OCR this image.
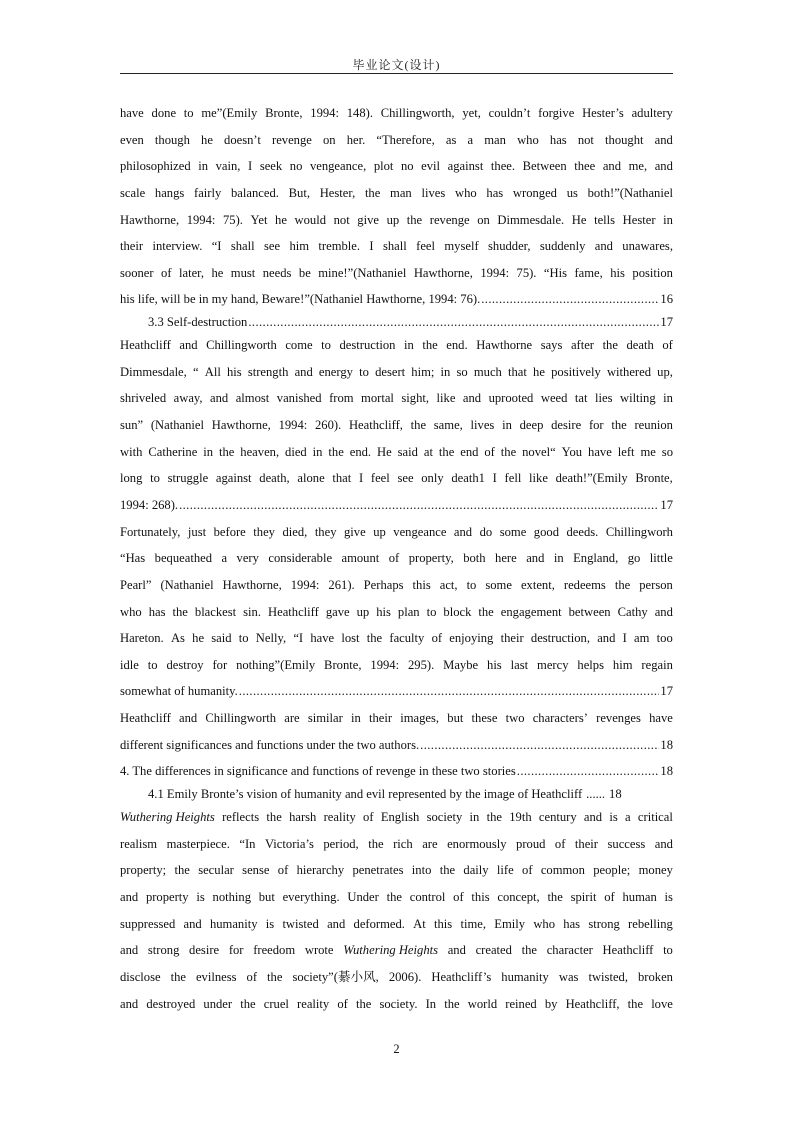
毕业论文(设计)
have done to me”(Emily Bronte, 1994: 148). Chillingworth, yet, couldn’t forgive Hester’s adultery
even though he doesn’t revenge on her. “Therefore, as a man who has not thought and
philosophized in vain, I seek no vengeance, plot no evil against thee. Between thee and me, and
scale hangs fairly balanced. But, Hester, the man lives who has wronged us both!”(Nathaniel
Hawthorne, 1994: 75). Yet he would not give up the revenge on Dimmesdale. He tells Hester in
their interview. “I shall see him tremble. I shall feel myself shudder, suddenly and unawares,
sooner of later, he must needs be mine!”(Nathaniel Hawthorne, 1994: 75). “His fame, his position
his life, will be in my hand, Beware!”(Nathaniel Hawthorne, 1994: 76). .....	16
3.3 Self-destruction .....	17
Heathcliff and Chillingworth come to destruction in the end. Hawthorne says after the death of
Dimmesdale, “ All his strength and energy to desert him; in so much that he positively withered up,
shriveled away, and almost vanished from mortal sight, like and uprooted weed tat lies wilting in
sun” (Nathaniel Hawthorne, 1994: 260). Heathcliff, the same, lives in deep desire for the reunion
with Catherine in the heaven, died in the end. He said at the end of the novel“ You have left me so
long to struggle against death, alone that I feel see only death1 I fell like death!”(Emily Bronte,
1994: 268). .....	17
Fortunately, just before they died, they give up vengeance and do some good deeds. Chillingworh
“Has bequeathed a very considerable amount of property, both here and in England, go little
Pearl” (Nathaniel Hawthorne, 1994: 261). Perhaps this act, to some extent, redeems the person
who has the blackest sin. Heathcliff gave up his plan to block the engagement between Cathy and
Hareton. As he said to Nelly, “I have lost the faculty of enjoying their destruction, and I am too
idle to destroy for nothing”(Emily Bronte, 1994: 295). Maybe his last mercy helps him regain
somewhat of humanity. .....	17
Heathcliff and Chillingworth are similar in their images, but these two characters’ revenges have
different significances and functions under the two authors. .....	18
4. The differences in significance and functions of revenge in these two stories .....	18
4.1 Emily Bronte’s vision of humanity and evil represented by the image of Heathcliff ...... 18
Wuthering Heights reflects the harsh reality of English society in the 19th century and is a critical
realism masterpiece. “In Victoria’s period, the rich are enormously proud of their success and
property; the secular sense of hierarchy penetrates into the daily life of common people; money
and property is nothing but everything. Under the control of this concept, the spirit of human is
suppressed and humanity is twisted and deformed. At this time, Emily who has strong rebelling
and strong desire for freedom wrote Wuthering Heights and created the character Heathcliff to
disclose the evilness of the society”(綦小风, 2006). Heathcliff’s humanity was twisted, broken
and destroyed under the cruel reality of the society. In the world reined by Heathcliff, the love
2
